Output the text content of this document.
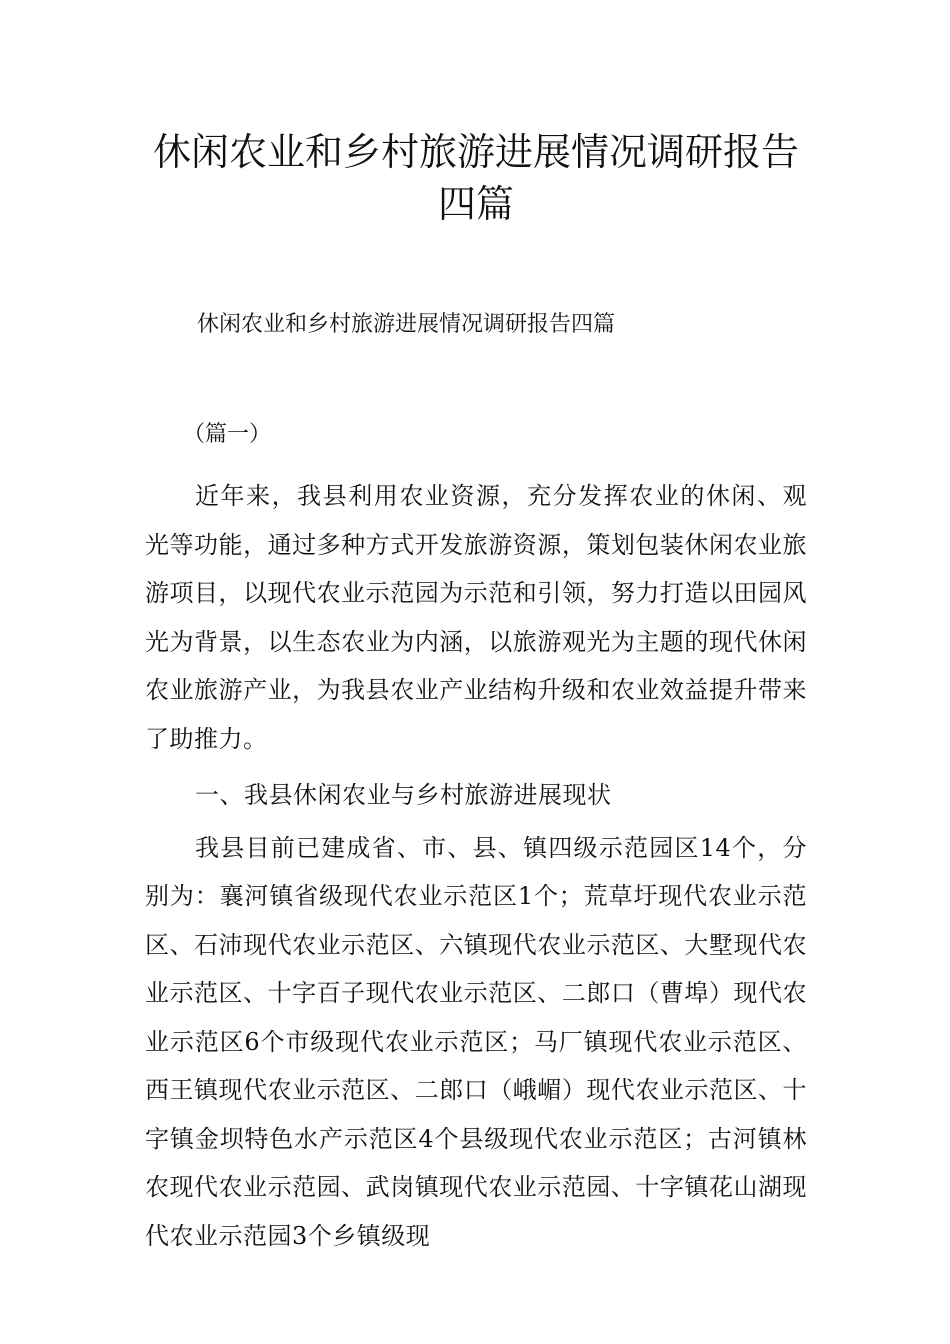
休闲农业和乡村旅游进展情况调研报告四篇
休闲农业和乡村旅游进展情况调研报告四篇
（篇一）

近年来，我县利用农业资源，充分发挥农业的休闲、观光等功能，通过多种方式开发旅游资源，策划包装休闲农业旅游项目，以现代农业示范园为示范和引领，努力打造以田园风光为背景，以生态农业为内涵，以旅游观光为主题的现代休闲农业旅游产业，为我县农业产业结构升级和农业效益提升带来了助推力。

一、我县休闲农业与乡村旅游进展现状

我县目前已建成省、市、县、镇四级示范园区14个，分别为：襄河镇省级现代农业示范区1个；荒草圩现代农业示范区、石沛现代农业示范区、六镇现代农业示范区、大墅现代农业示范区、十字百子现代农业示范区、二郎口（曹埠）现代农业示范区6个市级现代农业示范区；马厂镇现代农业示范区、西王镇现代农业示范区、二郎口（峨嵋）现代农业示范区、十字镇金坝特色水产示范区4个县级现代农业示范区；古河镇林农现代农业示范园、武岗镇现代农业示范园、十字镇花山湖现代农业示范园3个乡镇级现
